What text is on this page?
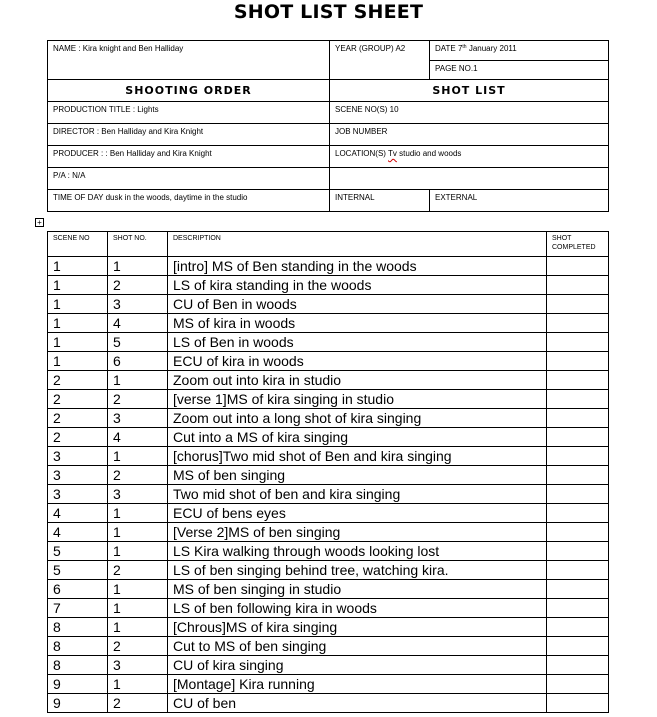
SHOT LIST SHEET
NAME : Kira knight and Ben Halliday	YEAR (GROUP) A2	DATE 7th January 2011
		PAGE NO.1
SHOOTING ORDER	SHOT LIST	
PRODUCTION TITLE : Lights	SCENE NO(S) 10	
DIRECTOR : Ben Halliday and Kira Knight	JOB NUMBER	
PRODUCER : : Ben Halliday and Kira Knight	LOCATION(S) Tv studio and woods	
P/A : N/A		
TIME OF DAY dusk in the woods, daytime in the studio	INTERNAL	EXTERNAL
+
SCENE NO	SHOT NO.	DESCRIPTION	SHOT
COMPLETED
1	1	[intro] MS of Ben standing in the woods	
1	2	LS of kira standing in the woods	
1	3	CU of Ben in woods	
1	4	MS of kira in woods	
1	5	LS of Ben in woods	
1	6	ECU of kira in woods	
2	1	Zoom out into kira in studio	
2	2	[verse 1]MS of kira singing in studio	
2	3	Zoom out into a long shot of kira singing	
2	4	Cut into a MS of kira singing	
3	1	[chorus]Two mid shot of Ben and kira singing	
3	2	MS of ben singing	
3	3	Two mid shot of ben and kira singing	
4	1	ECU of bens eyes	
4	1	[Verse 2]MS of ben singing	
5	1	LS Kira walking through woods looking lost	
5	2	LS of ben singing behind tree, watching kira.	
6	1	MS of ben singing in studio	
7	1	LS of ben following kira in woods	
8	1	[Chrous]MS of kira singing	
8	2	Cut to MS of ben singing	
8	3	CU of kira singing	
9	1	[Montage] Kira running	
9	2	CU of ben	
